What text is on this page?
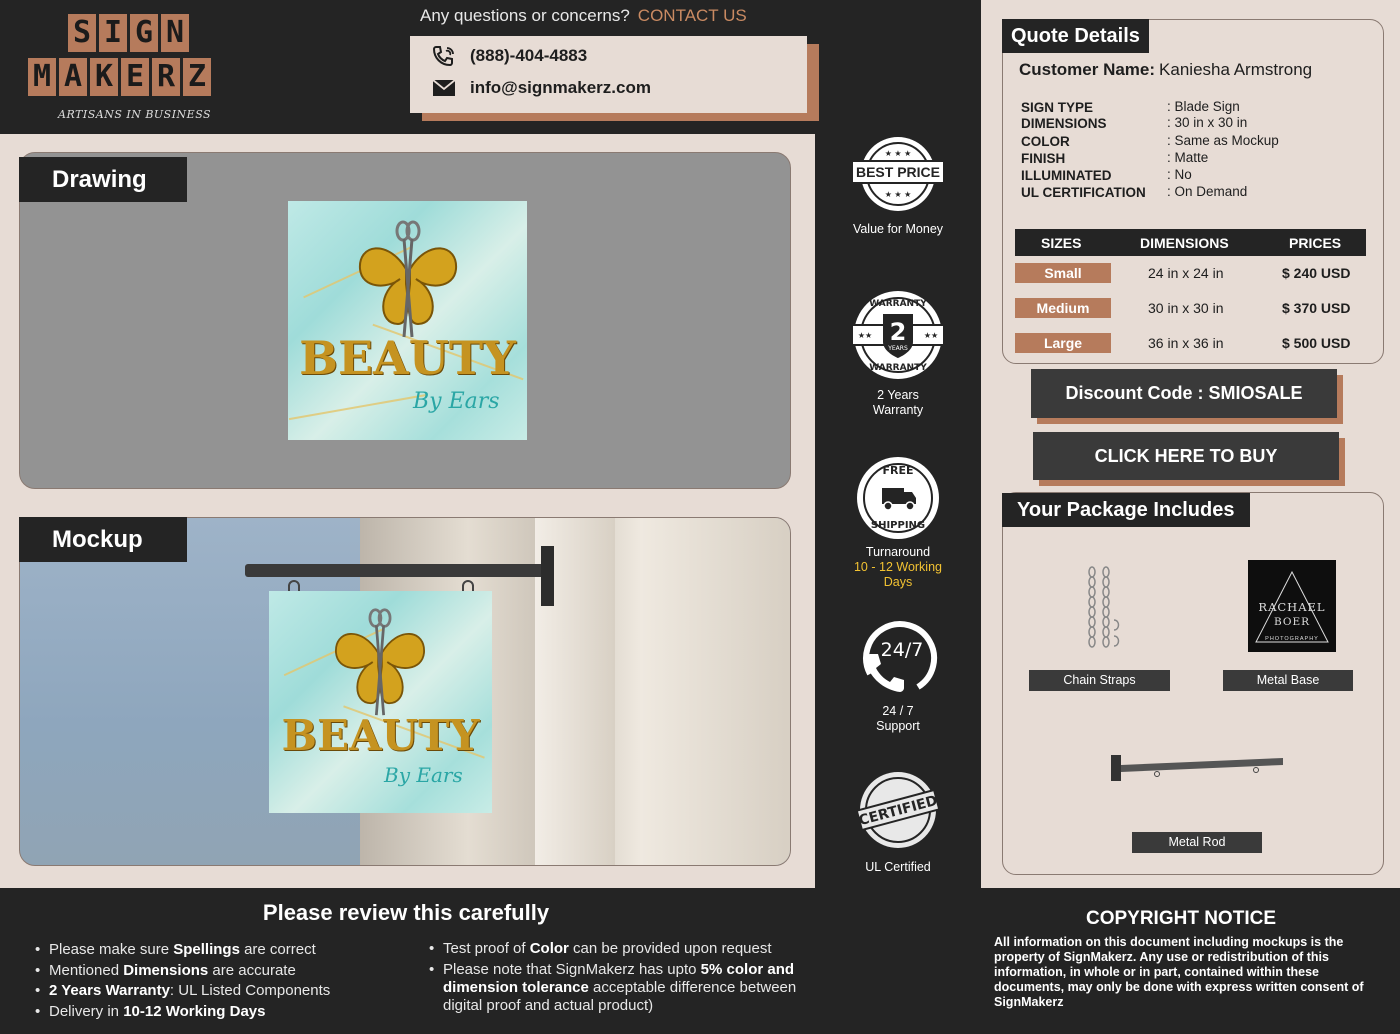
S I G N
M A K E R Z
ARTISANS IN BUSINESS
Any questions or concerns? CONTACT US
(888)-404-4883
info@signmakerz.com
Drawing
BEAUTY
By Ears
Mockup
BEAUTY
By Ears
★ ★ ★
★ ★ ★
BEST PRICE
Value for Money
WARRANTY
2
YEARS
WARRANTY
★★	★★
2 Years
Warranty
FREE
SHIPPING
Turnaround
10 - 12 Working
Days
24/7
24 / 7
Support
CERTIFIED
UL Certified
Quote Details
Customer Name: Kaniesha Armstrong
SIGN TYPE	: Blade Sign
DIMENSIONS	: 30 in x 30 in
COLOR	: Same as Mockup
FINISH	: Matte
ILLUMINATED	: No
UL CERTIFICATION : On Demand
SIZES	DIMENSIONS	PRICES
Small	24 in x 24 in	$ 240 USD
Medium	30 in x 30 in	$ 370 USD
Large	36 in x 36 in	$ 500 USD
Discount Code : SMIOSALE
CLICK HERE TO BUY
Your Package Includes
Chain Straps
RACHAEL
BOER
PHOTOGRAPHY
Metal Base
Metal Rod
Please review this carefully
• Please make sure Spellings are correct
• Mentioned Dimensions are accurate
• 2 Years Warranty: UL Listed Components
• Delivery in 10-12 Working Days
• Test proof of Color can be provided upon request
• Please note that SignMakerz has upto 5% color and dimension tolerance acceptable difference between digital proof and actual product)
COPYRIGHT NOTICE
All information on this document including mockups is the property of SignMakerz. Any use or redistribution of this information, in whole or in part, contained within these documents, may only be done with express written consent of SignMakerz
